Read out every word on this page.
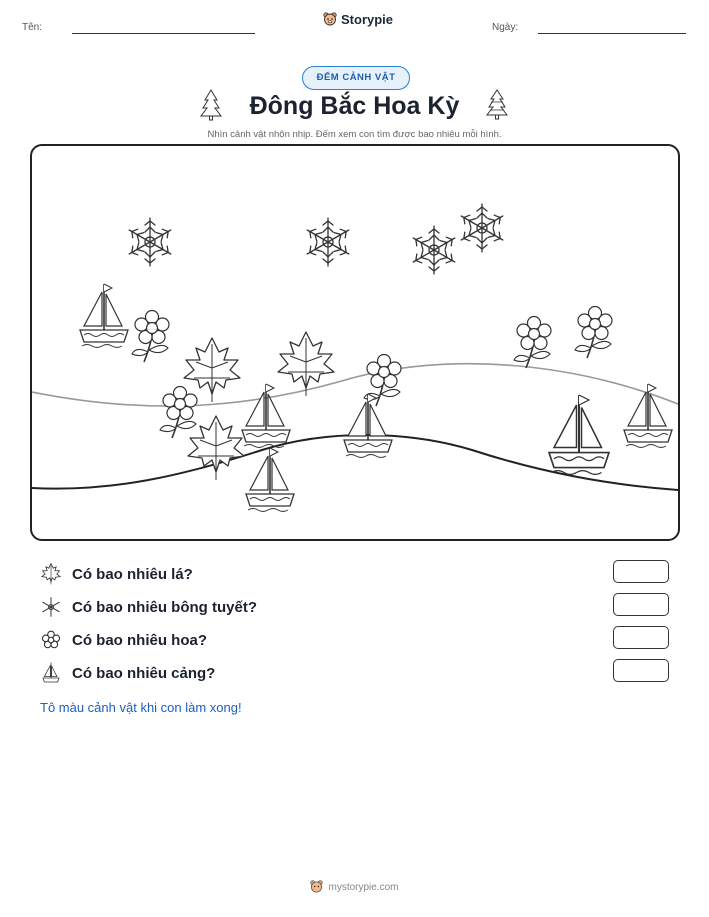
Tên:
Storypie
Ngày:
ĐẾM CẢNH VẬT
Đông Bắc Hoa Kỳ
Nhìn cảnh vật nhộn nhịp. Đếm xem con tìm được bao nhiêu mỗi hình.
Có bao nhiêu lá?
Có bao nhiêu bông tuyết?
Có bao nhiêu hoa?
Có bao nhiêu cảng?
Tô màu cảnh vật khi con làm xong!
mystorypie.com
